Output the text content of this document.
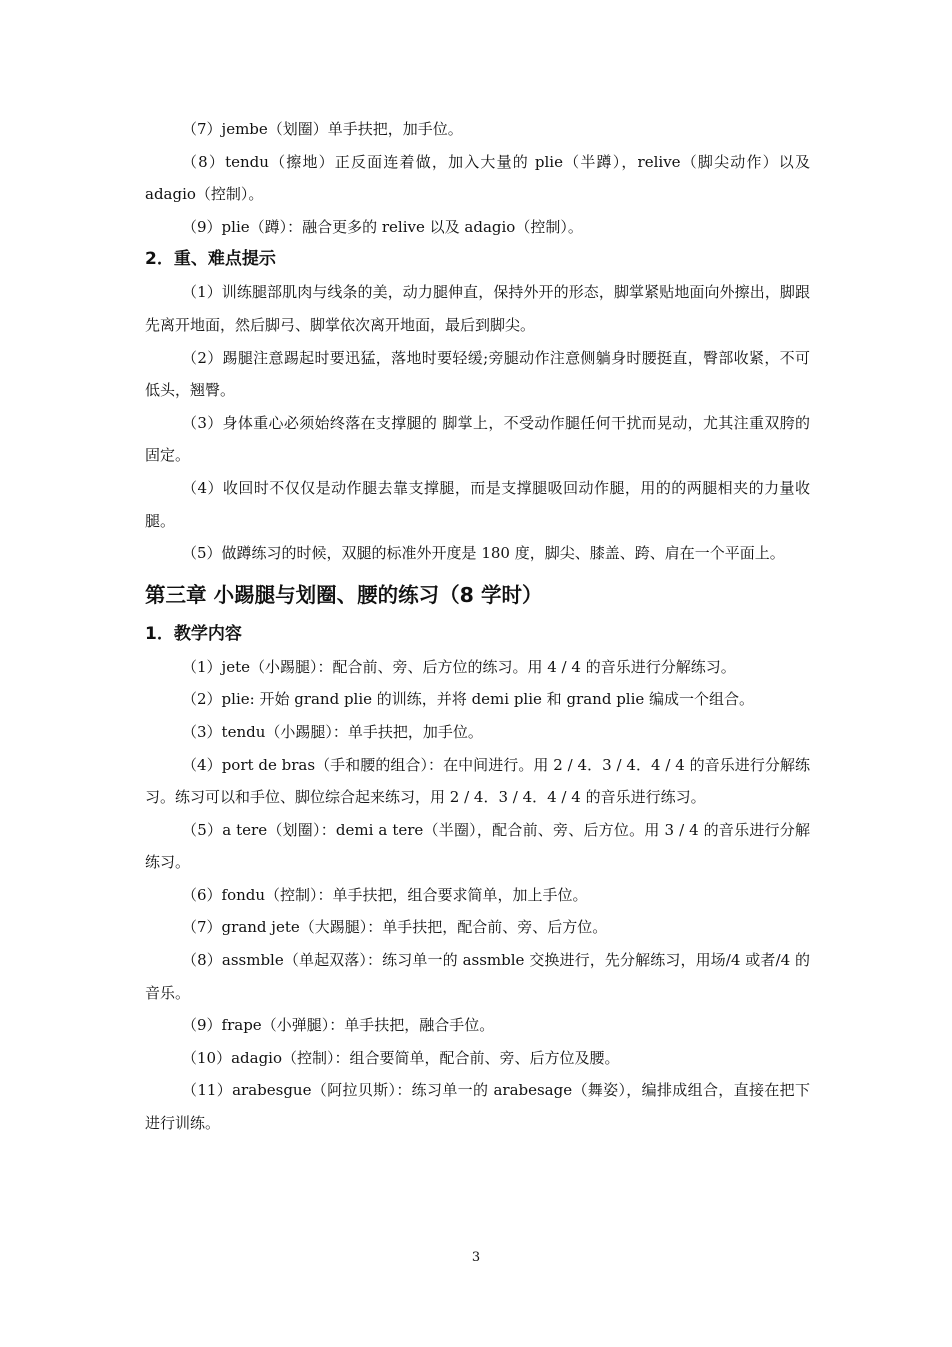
（7）jembe（划圈）单手扶把，加手位。

（8）tendu（擦地）正反面连着做，加入大量的 plie（半蹲），relive（脚尖动作）以及 adagio（控制）。

（9）plie（蹲）：融合更多的 relive 以及 adagio（控制）。

2．重、难点提示

（1）训练腿部肌肉与线条的美，动力腿伸直，保持外开的形态，脚掌紧贴地面向外擦出，脚跟先离开地面，然后脚弓、脚掌依次离开地面，最后到脚尖。

（2）踢腿注意踢起时要迅猛，落地时要轻缓;旁腿动作注意侧躺身时腰挺直，臀部收紧，不可低头，翘臀。

（3）身体重心必须始终落在支撑腿的 脚掌上，不受动作腿任何干扰而晃动，尤其注重双胯的固定。

（4）收回时不仅仅是动作腿去靠支撑腿，而是支撑腿吸回动作腿，用的的两腿相夹的力量收腿。

（5）做蹲练习的时候，双腿的标准外开度是 180 度，脚尖、膝盖、跨、肩在一个平面上。

第三章 小踢腿与划圈、腰的练习（8 学时）
1．教学内容

（1）jete（小踢腿）：配合前、旁、后方位的练习。用 4 / 4 的音乐进行分解练习。

（2）plie: 开始 grand plie 的训练，并将 demi plie 和 grand plie 编成一个组合。

（3）tendu（小踢腿）：单手扶把，加手位。

（4）port de bras（手和腰的组合）：在中间进行。用 2 / 4．3 / 4．4 / 4 的音乐进行分解练习。练习可以和手位、脚位综合起来练习，用 2 / 4．3 / 4．4 / 4 的音乐进行练习。

（5）a tere（划圈）：demi a tere（半圈），配合前、旁、后方位。用 3 / 4 的音乐进行分解练习。

（6）fondu（控制）：单手扶把，组合要求简单，加上手位。

（7）grand jete（大踢腿）：单手扶把，配合前、旁、后方位。

（8）assmble（单起双落）：练习单一的 assmble 交换进行，先分解练习，用场/4 或者/4 的音乐。

（9）frape（小弹腿）：单手扶把，融合手位。

（10）adagio（控制）：组合要简单，配合前、旁、后方位及腰。

（11）arabesgue（阿拉贝斯）：练习单一的 arabesage（舞姿），编排成组合，直接在把下进行训练。

3
